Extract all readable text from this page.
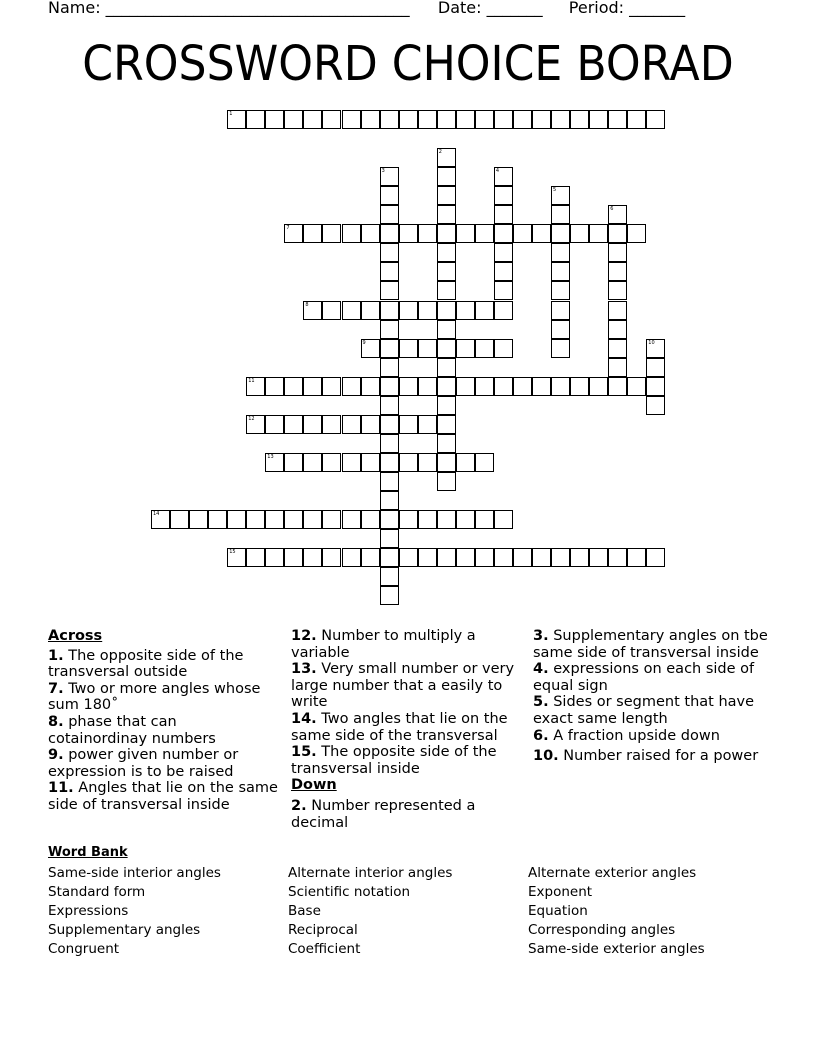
Name: ______________________________________ Date: _______ Period: _______
CROSSWORD CHOICE BORAD
1
2
3	4
5
6
7
8
9	10
11
12
13
14
15
Across
1. The opposite side of the transversal outside
7. Two or more angles whose sum 180˚
8. phase that can cotainordinay numbers
9. power given number or expression is to be raised
11. Angles that lie on the same side of transversal inside
12. Number to multiply a variable
13. Very small number or very large number that a easily to write
14. Two angles that lie on the same side of the transversal
15. The opposite side of the transversal inside
Down
2. Number represented a decimal
3. Supplementary angles on tbe same side of transversal inside
4. expressions on each side of equal sign
5. Sides or segment that have exact same length
6. A fraction upside down
10. Number raised for a power
Word Bank
Same-side interior angles
Standard form
Expressions
Supplementary angles
Congruent
Alternate interior angles
Scientific notation
Base
Reciprocal
Coefficient
Alternate exterior angles
Exponent
Equation
Corresponding angles
Same-side exterior angles
